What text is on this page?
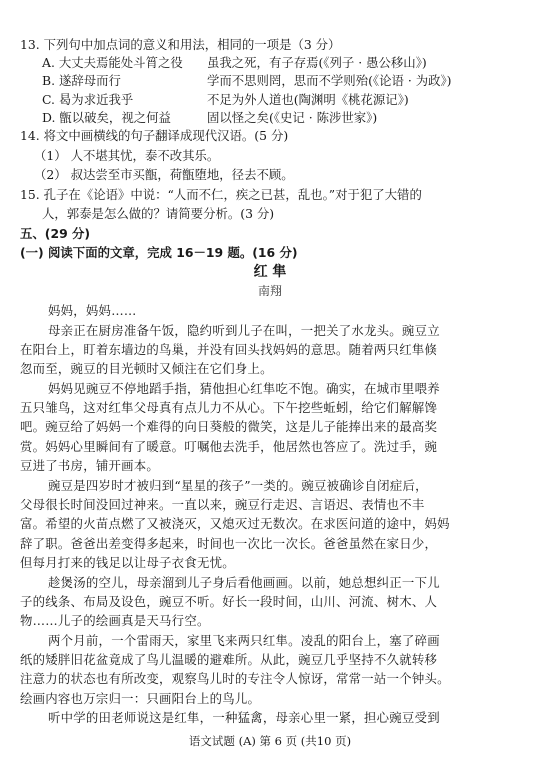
13. 下列句中加点词的意义和用法，相同的一项是（3 分）
A. 大丈夫焉能处斗筲之役 虽我之死，有子存焉(《列子 · 愚公移山》)
B. 遂辞母而行	学而不思则罔，思而不学则殆(《论语 · 为政》)
C. 曷为求近我乎	不足为外人道也(陶渊明《桃花源记》)
D. 甑以破矣，视之何益	固以怪之矣(《史记 · 陈涉世家》)
14. 将文中画横线的句子翻译成现代汉语。(5 分)
（1） 人不堪其忧，泰不改其乐。
（2） 叔达尝至市买甑，荷甑堕地，径去不顾。
15. 孔子在《论语》中说：“人而不仁，疾之已甚，乱也。”对于犯了大错的
人，郭泰是怎么做的？请简要分析。(3 分)
五、(29 分)
(一) 阅读下面的文章，完成 16－19 题。(16 分)
红 隼
南翔
妈妈，妈妈……
母亲正在厨房准备午饭，隐约听到儿子在叫，一把关了水龙头。豌豆立
在阳台上，盯着东墙边的鸟巢，并没有回头找妈妈的意思。随着两只红隼倏
忽而至，豌豆的目光顿时又倾注在它们身上。
妈妈见豌豆不停地蹈手指，猜他担心红隼吃不饱。确实，在城市里喂养
五只雏鸟，这对红隼父母真有点儿力不从心。下午挖些蚯蚓，给它们解解馋
吧。豌豆给了妈妈一个难得的向日葵般的微笑，这是儿子能捧出来的最高奖
赏。妈妈心里瞬间有了暖意。叮嘱他去洗手，他居然也答应了。洗过手，豌
豆进了书房，铺开画本。
豌豆是四岁时才被归到“星星的孩子”一类的。豌豆被确诊自闭症后，
父母很长时间没回过神来。一直以来，豌豆行走迟、言语迟、表情也不丰
富。希望的火苗点燃了又被浇灭，又熄灭过无数次。在求医问道的途中，妈妈
辞了职。爸爸出差变得多起来，时间也一次比一次长。爸爸虽然在家日少，
但每月打来的钱足以让母子衣食无忧。
趁煲汤的空儿，母亲溜到儿子身后看他画画。以前，她总想纠正一下儿
子的线条、布局及设色，豌豆不听。好长一段时间，山川、河流、树木、人
物……儿子的绘画真是天马行空。
两个月前，一个雷雨天，家里飞来两只红隼。凌乱的阳台上，塞了碎画
纸的矮胖旧花盆竟成了鸟儿温暖的避难所。从此，豌豆几乎坚持不久就转移
注意力的状态也有所改变，观察鸟儿时的专注令人惊讶，常常一站一个钟头。
绘画内容也万宗归一：只画阳台上的鸟儿。
听中学的田老师说这是红隼，一种猛禽，母亲心里一紧，担心豌豆受到
语文试题 (A) 第 6 页 (共10 页)
